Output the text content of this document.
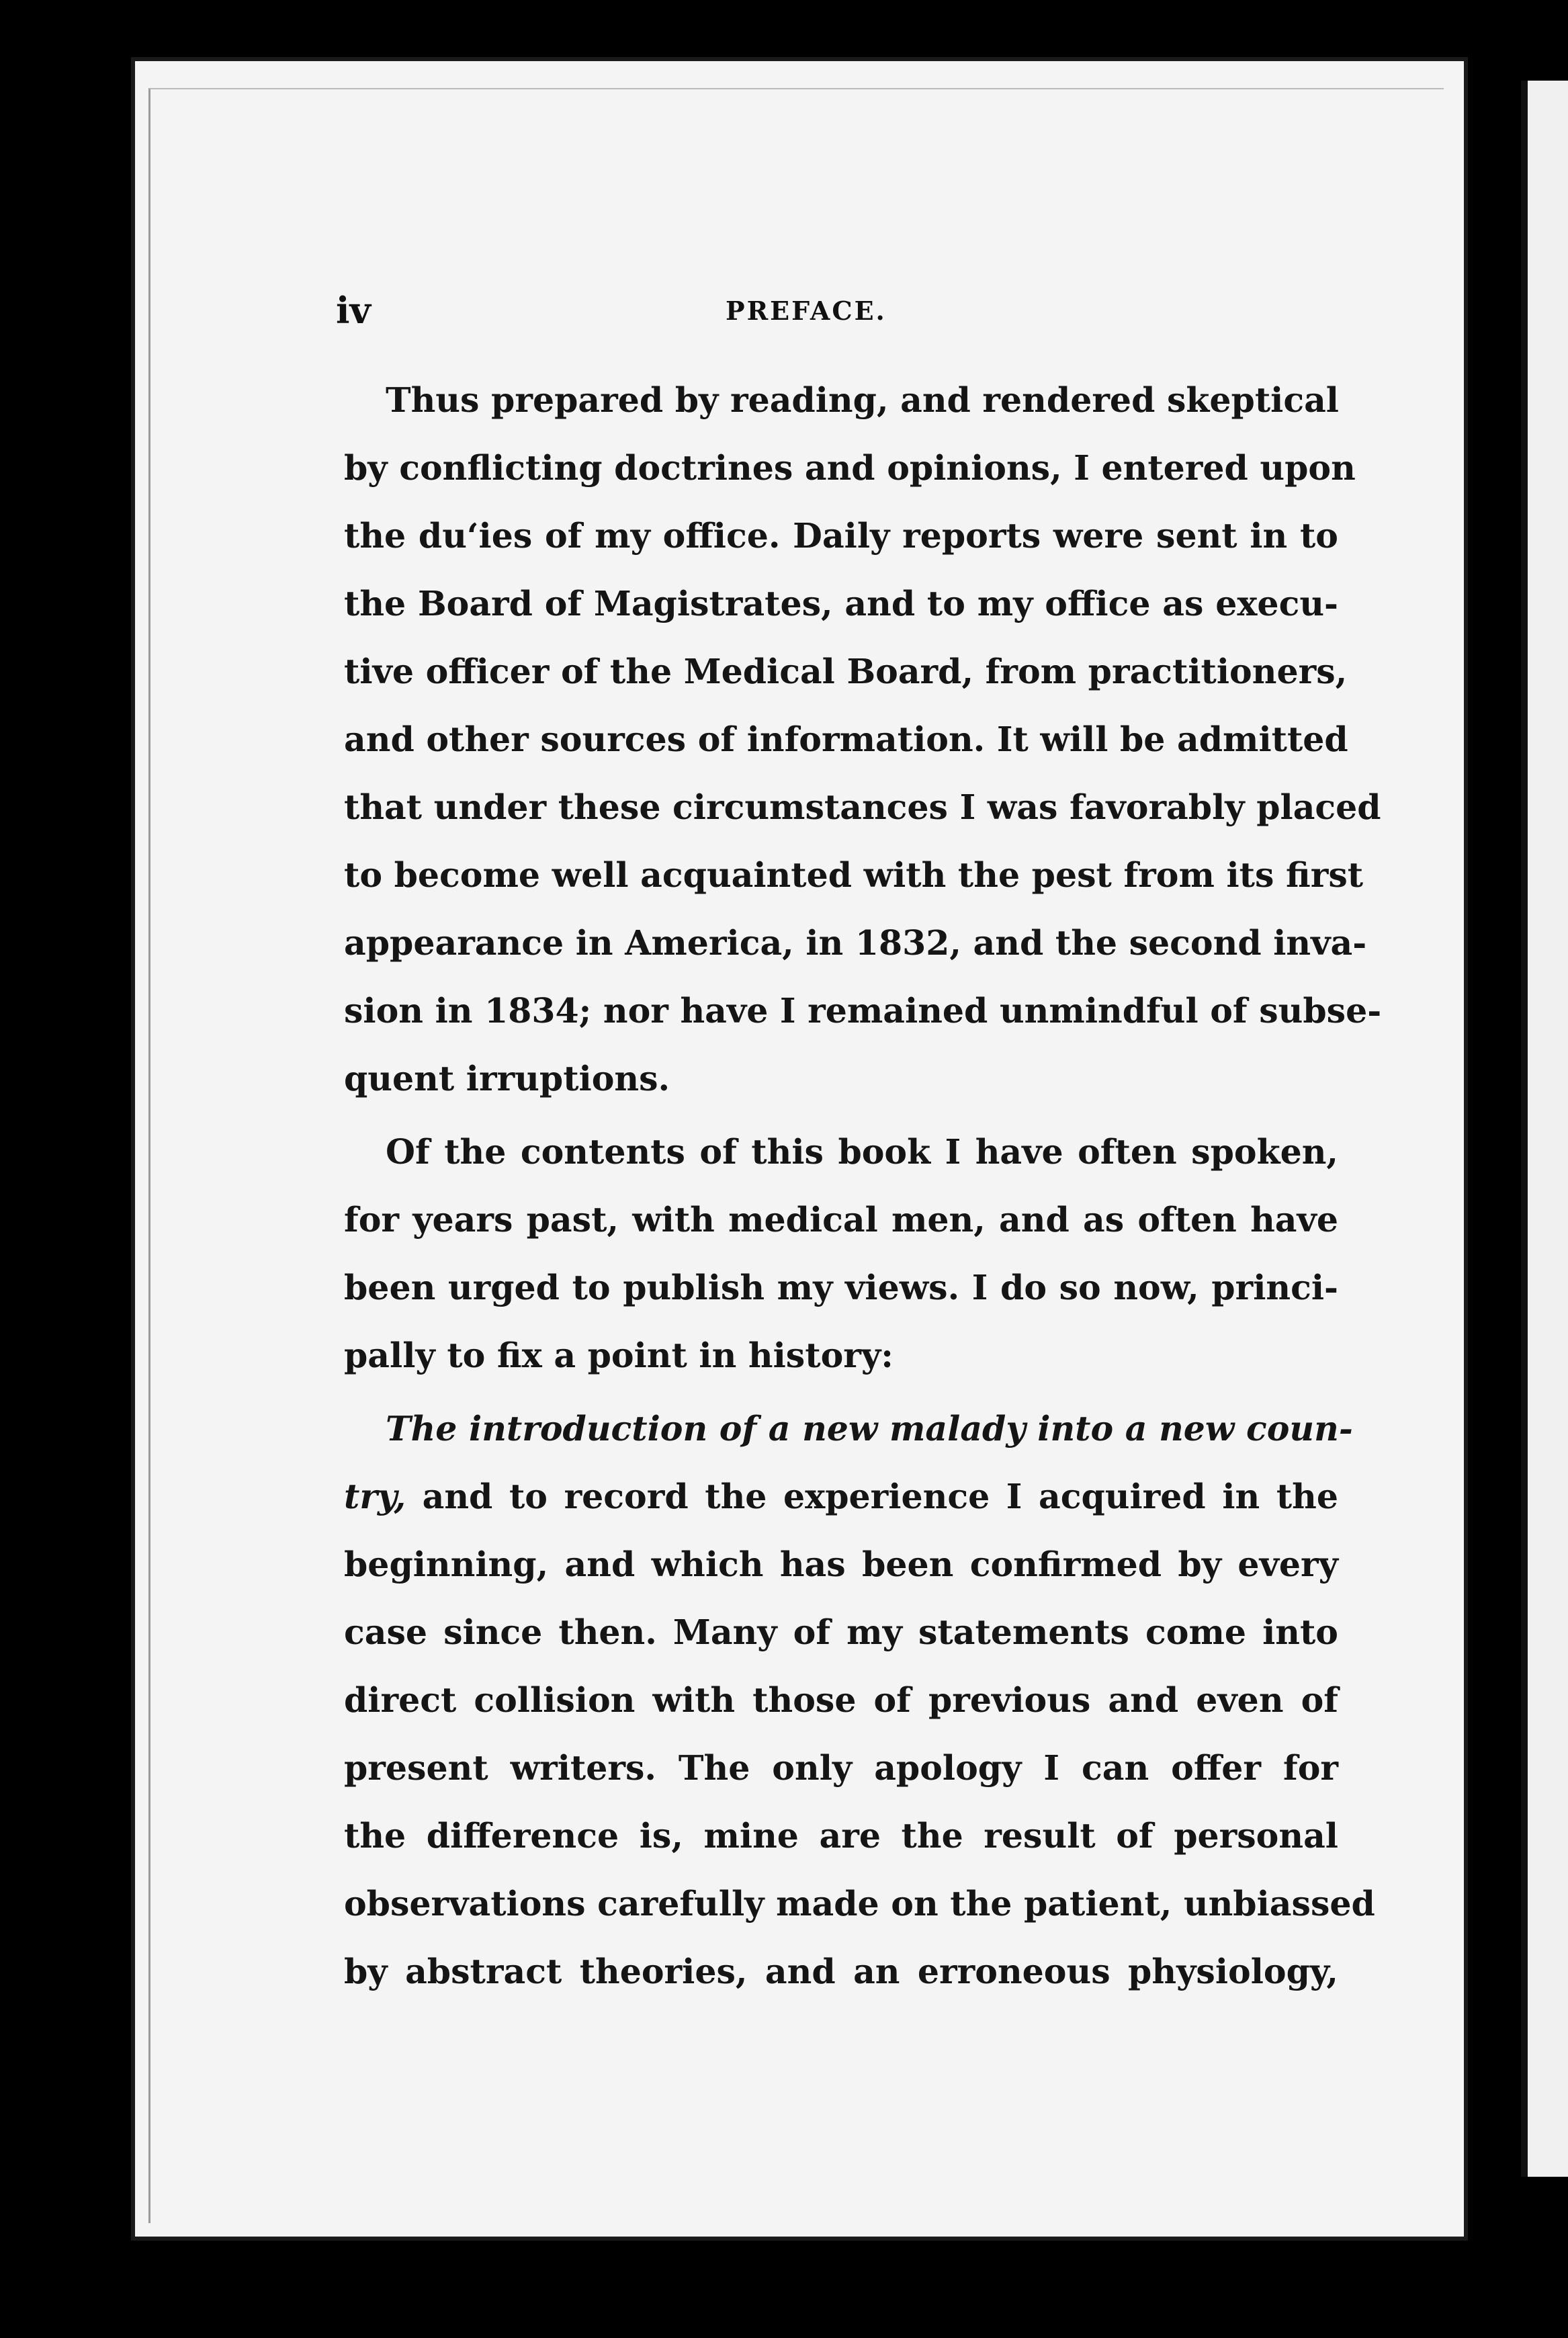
iv	PREFACE.
Thus prepared by reading, and rendered skeptical
by conflicting doctrines and opinions, I entered upon
the du‘ies of my office. Daily reports were sent in to
the Board of Magistrates, and to my office as execu-
tive officer of the Medical Board, from practitioners,
and other sources of information. It will be admitted
that under these circumstances I was favorably placed
to become well acquainted with the pest from its first
appearance in America, in 1832, and the second inva-
sion in 1834; nor have I remained unmindful of subse-
quent irruptions.
Of the contents of this book I have often spoken,
for years past, with medical men, and as often have
been urged to publish my views. I do so now, princi-
pally to fix a point in history:
The introduction of a new malady into a new coun-
try, and to record the experience I acquired in the
beginning, and which has been confirmed by every
case since then. Many of my statements come into
direct collision with those of previous and even of
present writers. The only apology I can offer for
the difference is, mine are the result of personal
observations carefully made on the patient, unbiassed
by abstract theories, and an erroneous physiology,
